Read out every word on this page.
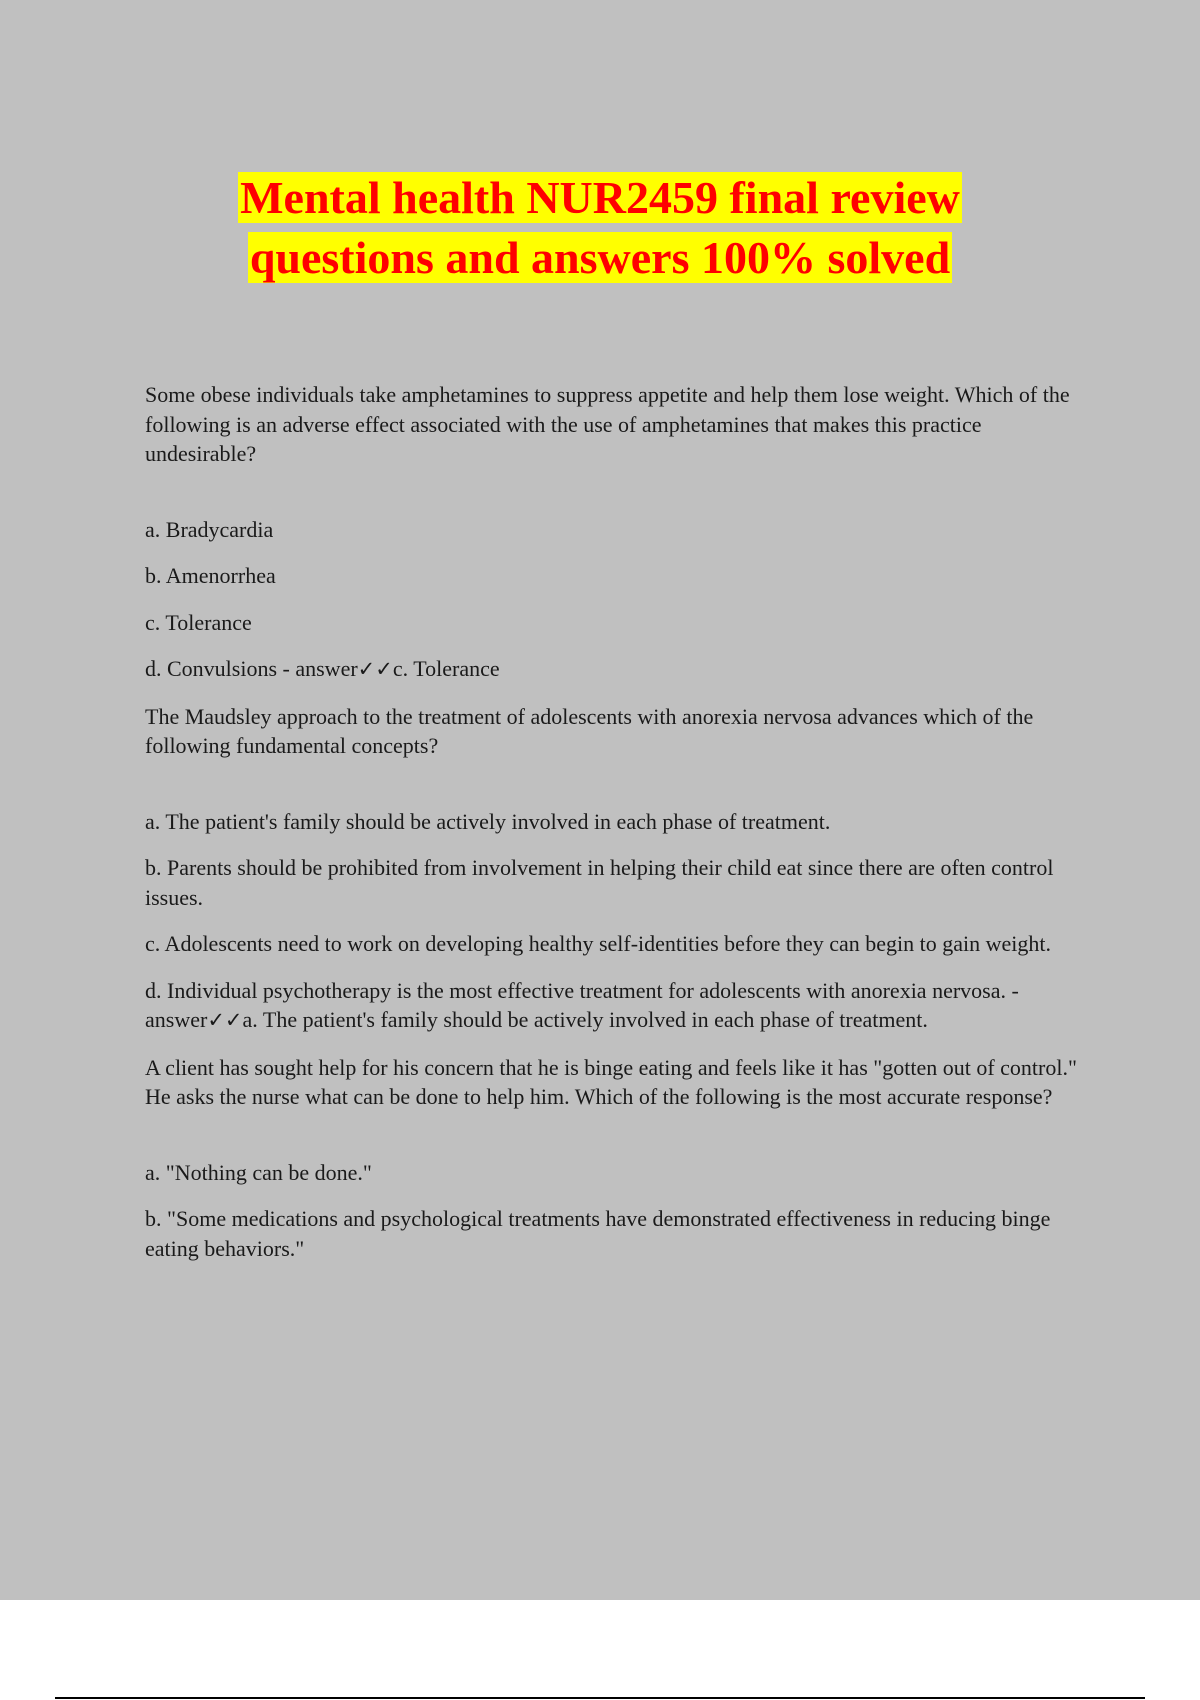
Mental health NUR2459 final review
questions and answers 100% solved

Some obese individuals take amphetamines to suppress appetite and help them lose weight. Which of the following is an adverse effect associated with the use of amphetamines that makes this practice undesirable?

a. Bradycardia

b. Amenorrhea

c. Tolerance

d. Convulsions - answer✓✓c. Tolerance

The Maudsley approach to the treatment of adolescents with anorexia nervosa advances which of the following fundamental concepts?

a. The patient's family should be actively involved in each phase of treatment.

b. Parents should be prohibited from involvement in helping their child eat since there are often control issues.

c. Adolescents need to work on developing healthy self-identities before they can begin to gain weight.

d. Individual psychotherapy is the most effective treatment for adolescents with anorexia nervosa. - answer✓✓a. The patient's family should be actively involved in each phase of treatment.

A client has sought help for his concern that he is binge eating and feels like it has "gotten out of control." He asks the nurse what can be done to help him. Which of the following is the most accurate response?

a. "Nothing can be done."

b. "Some medications and psychological treatments have demonstrated effectiveness in reducing binge eating behaviors."
